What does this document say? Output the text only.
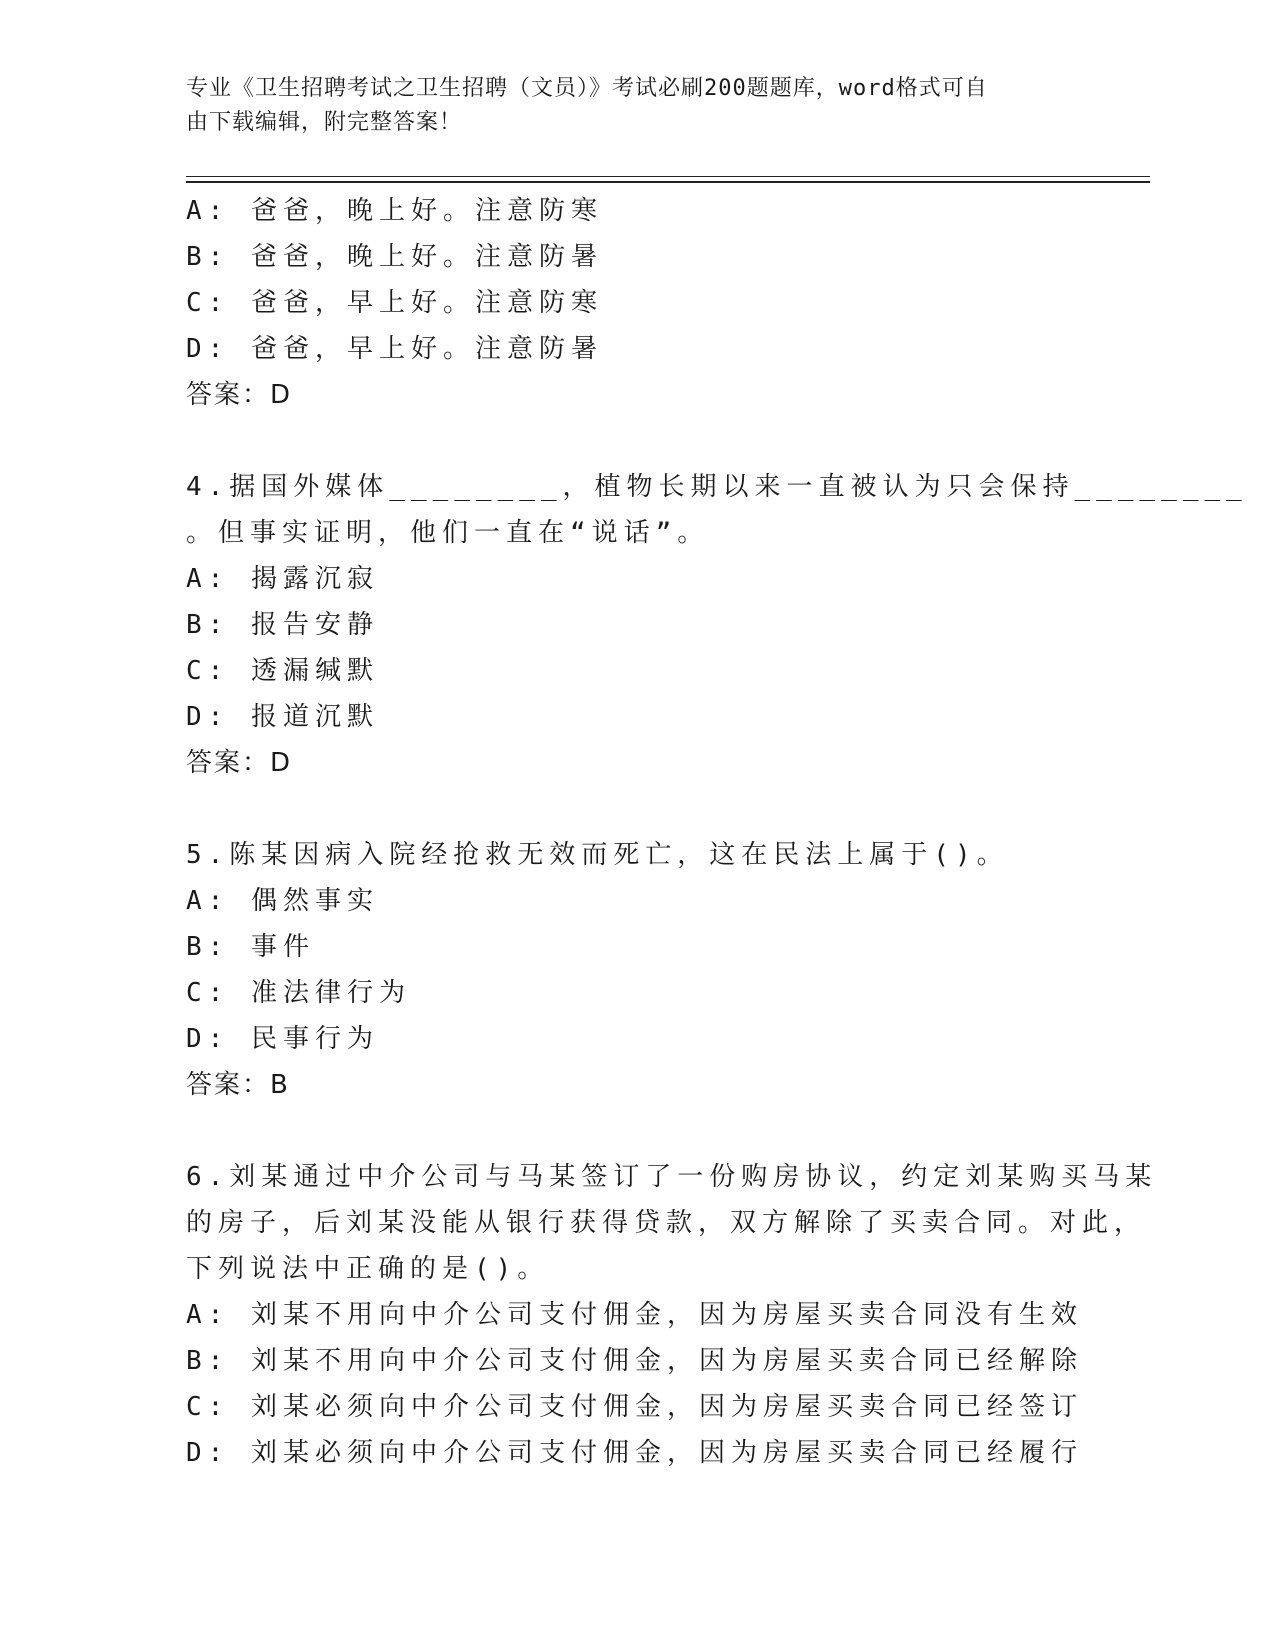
专业《卫生招聘考试之卫生招聘（文员）》考试必刷200题题库，word格式可自
由下载编辑，附完整答案！
A: 爸爸，晚上好。注意防寒
B: 爸爸，晚上好。注意防暑
C: 爸爸，早上好。注意防寒
D: 爸爸，早上好。注意防暑
答案：D
4.据国外媒体________，植物长期以来一直被认为只会保持________
。但事实证明，他们一直在“说话”。
A: 揭露沉寂
B: 报告安静
C: 透漏缄默
D: 报道沉默
答案：D
5.陈某因病入院经抢救无效而死亡，这在民法上属于()。
A: 偶然事实
B: 事件
C: 准法律行为
D: 民事行为
答案：B
6.刘某通过中介公司与马某签订了一份购房协议，约定刘某购买马某
的房子，后刘某没能从银行获得贷款，双方解除了买卖合同。对此，
下列说法中正确的是()。
A: 刘某不用向中介公司支付佣金，因为房屋买卖合同没有生效
B: 刘某不用向中介公司支付佣金，因为房屋买卖合同已经解除
C: 刘某必须向中介公司支付佣金，因为房屋买卖合同已经签订
D: 刘某必须向中介公司支付佣金，因为房屋买卖合同已经履行
